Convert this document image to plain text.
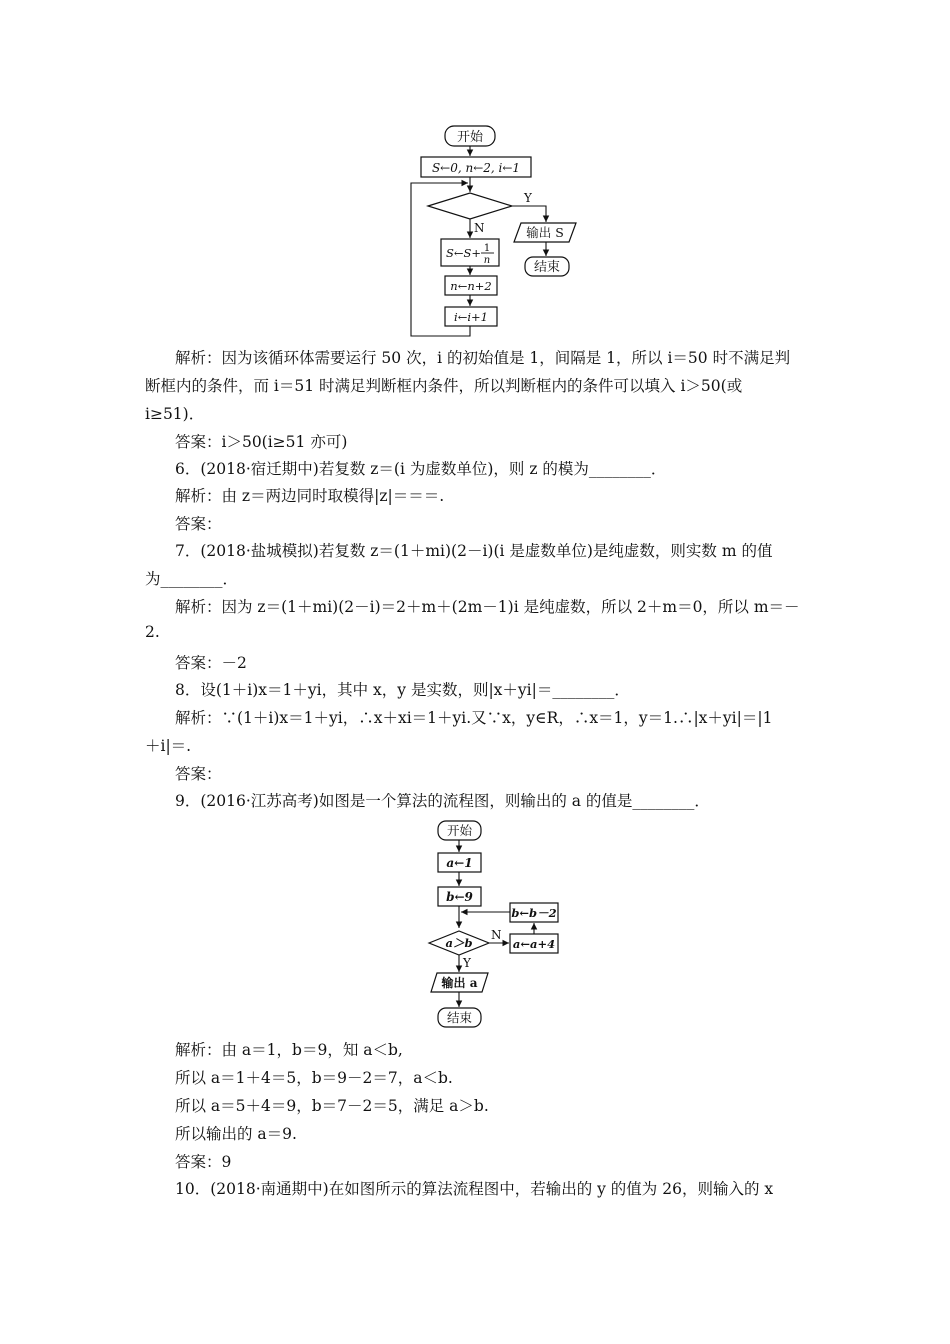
开始
S←0, n←2, i←1
Y
输出 S
结束
N
S←S+ 1
n
n←n+2
i←i+1
解析：因为该循环体需要运行 50 次，i 的初始值是 1，间隔是 1，所以 i＝50 时不满足判
断框内的条件，而 i＝51 时满足判断框内条件，所以判断框内的条件可以填入 i＞50(或
i≥51)．
答案：i＞50(i≥51 亦可)
6．(2018·宿迁期中)若复数 z＝(i 为虚数单位)，则 z 的模为________．
解析：由 z＝两边同时取模得|z|＝＝＝.
答案：
7．(2018·盐城模拟)若复数 z＝(1＋mi)(2－i)(i 是虚数单位)是纯虚数，则实数 m 的值
为________．
解析：因为 z＝(1＋mi)(2－i)＝2＋m＋(2m－1)i 是纯虚数，所以 2＋m＝0，所以 m＝－
2.
答案：－2
8．设(1＋i)x＝1＋yi，其中 x，y 是实数，则|x＋yi|＝________．
解析：∵(1＋i)x＝1＋yi，∴x＋xi＝1＋yi.又∵x，y∈R，∴x＝1，y＝1.∴|x＋yi|＝|1
＋i|＝.
答案：
9．(2016·江苏高考)如图是一个算法的流程图，则输出的 a 的值是________．
开始
a←1
b←9
b←b－2
a＞b
N
a←a+4
Y
输出 a
结束
解析：由 a＝1，b＝9，知 a＜b,
所以 a＝1＋4＝5，b＝9－2＝7，a＜b.
所以 a＝5＋4＝9，b＝7－2＝5，满足 a＞b.
所以输出的 a＝9.
答案：9
10．(2018·南通期中)在如图所示的算法流程图中，若输出的 y 的值为 26，则输入的 x
